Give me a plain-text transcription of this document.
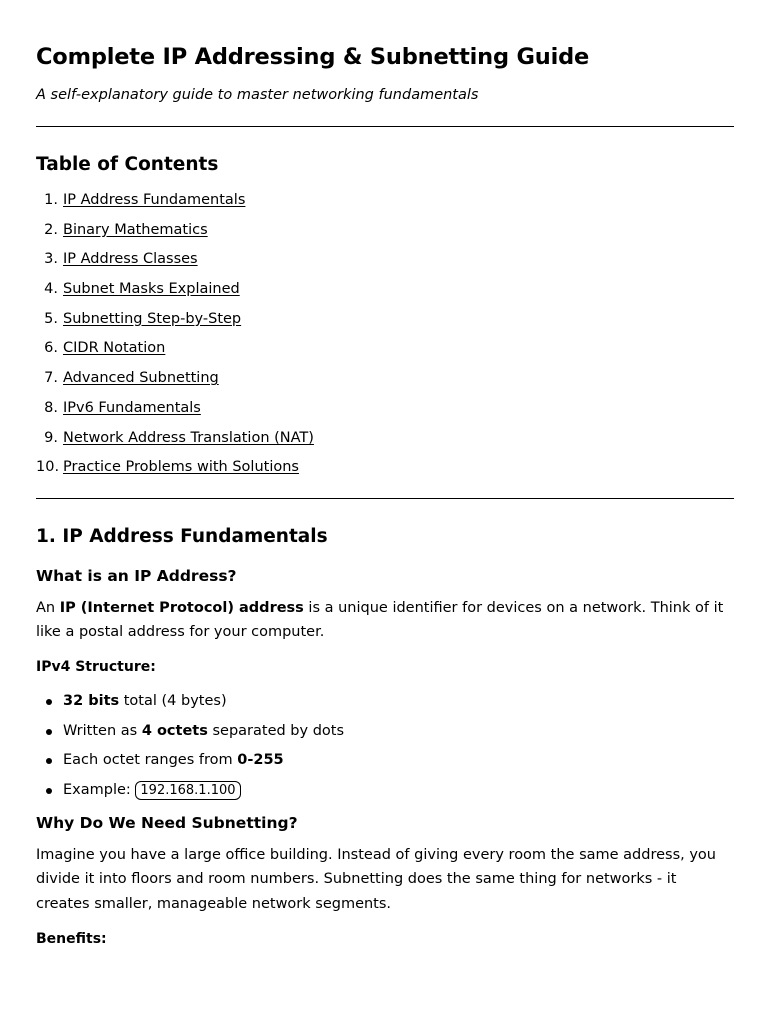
Complete IP Addressing & Subnetting Guide

A self-explanatory guide to master networking fundamentals

Table of Contents
1. IP Address Fundamentals
2. Binary Mathematics
3. IP Address Classes
4. Subnet Masks Explained
5. Subnetting Step-by-Step
6. CIDR Notation
7. Advanced Subnetting
8. IPv6 Fundamentals
9. Network Address Translation (NAT)
10. Practice Problems with Solutions
1. IP Address Fundamentals
What is an IP Address?

An IP (Internet Protocol) address is a unique identifier for devices on a network. Think of it like a postal address for your computer.

IPv4 Structure:
32 bits total (4 bytes)
Written as 4 octets separated by dots
Each octet ranges from 0-255
Example: 192.168.1.100
Why Do We Need Subnetting?

Imagine you have a large office building. Instead of giving every room the same address, you divide it into floors and room numbers. Subnetting does the same thing for networks - it creates smaller, manageable network segments.

Benefits:
